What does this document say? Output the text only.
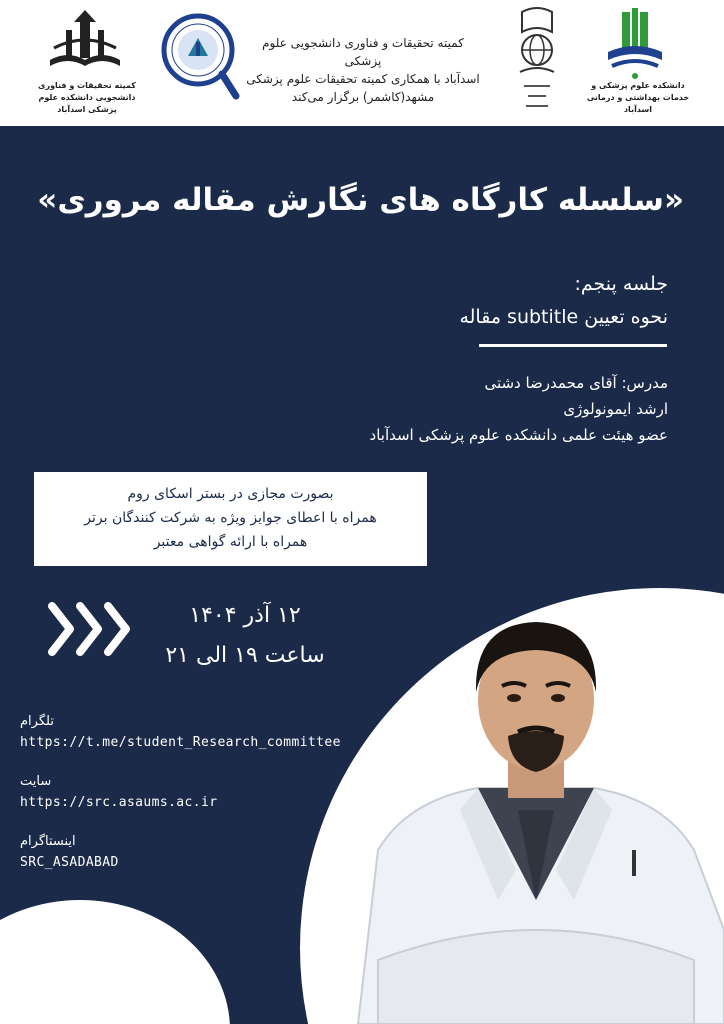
کمیته تحقیقات و فناوری دانشجویی دانشکده علوم پزشکی اسدآباد
کمیته تحقیقات و فناوری دانشجویی علوم پزشکی
اسدآباد با همکاری کمیته تحقیقات علوم پزشکی
مشهد(کاشمر) برگزار می‌کند
دانشکده علوم پزشکی و خدمات بهداشتی و درمانی اسدآباد
«سلسله کارگاه های نگارش مقاله مروری»
جلسه پنجم:
نحوه تعیین subtitle مقاله
مدرس: آقای محمدرضا دشتی
ارشد ایمونولوژی
عضو هیئت علمی دانشکده علوم پزشکی اسدآباد
بصورت مجازی در بستر اسکای روم
همراه با اعطای جوایز ویژه به شرکت کنندگان برتر
همراه با ارائه گواهی معتبر
۱۲ آذر ۱۴۰۴
ساعت ۱۹ الی ۲۱
تلگرام
https://t.me/student_Research_committee
سایت
https://src.asaums.ac.ir
اینستاگرام
SRC_ASADABAD
